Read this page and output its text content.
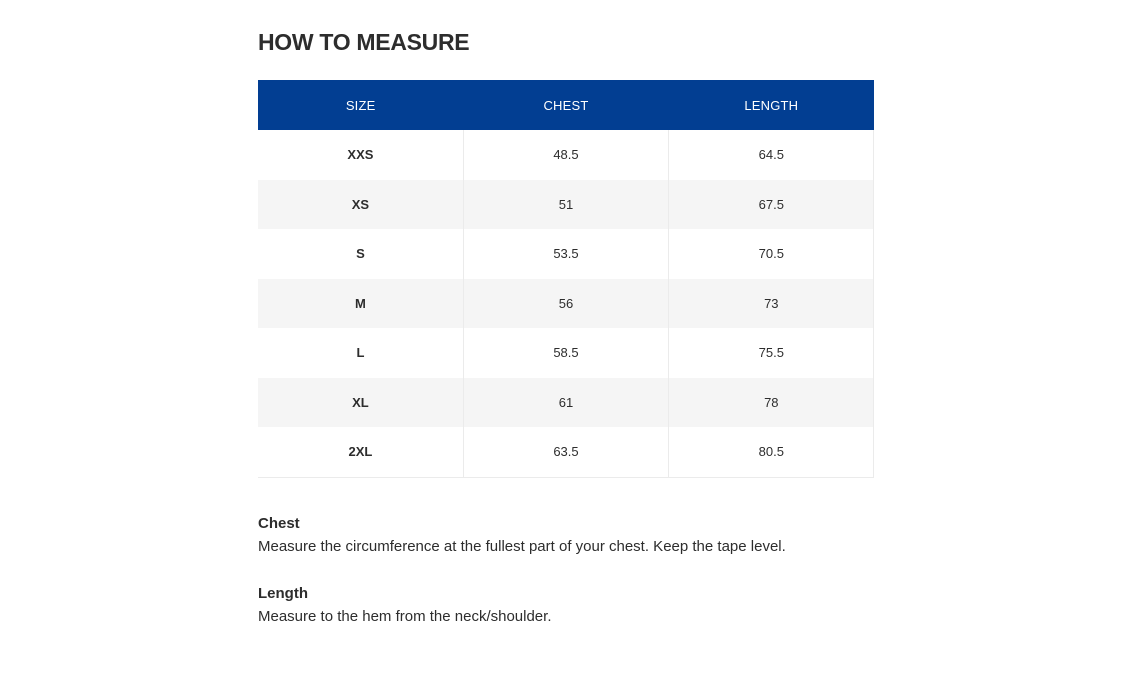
HOW TO MEASURE
SIZE	CHEST	LENGTH
XXS	48.5	64.5
XS	51	67.5
S	53.5	70.5
M	56	73
L	58.5	75.5
XL	61	78
2XL	63.5	80.5
Chest
Measure the circumference at the fullest part of your chest. Keep the tape level.
Length
Measure to the hem from the neck/shoulder.
